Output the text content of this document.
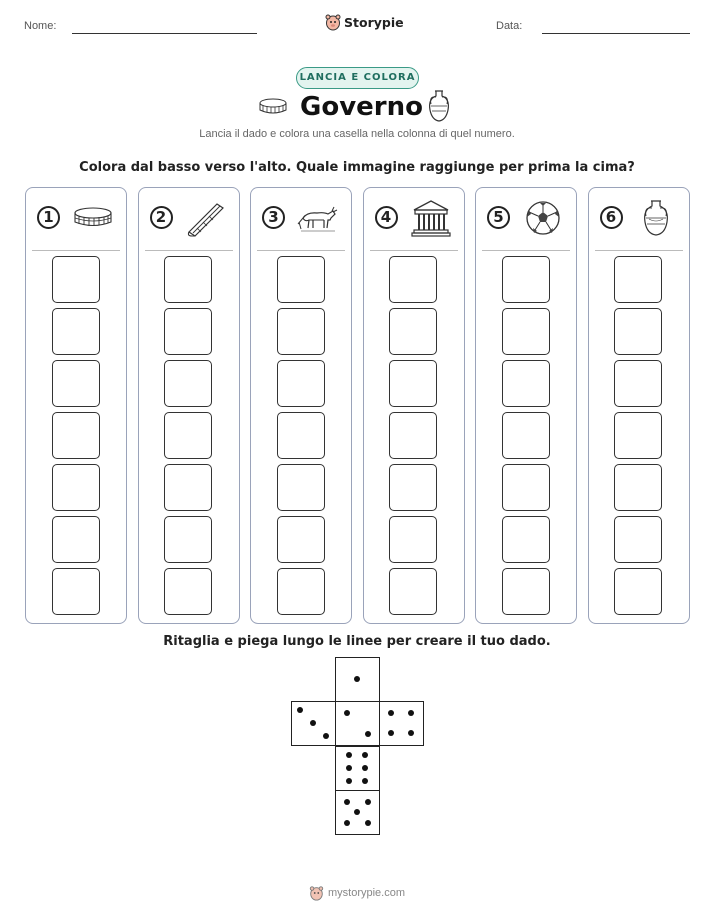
Nome:	Storypie	Data:
LANCIA E COLORA
Governo
Lancia il dado e colora una casella nella colonna di quel numero.
Colora dal basso verso l'alto. Quale immagine raggiunge per prima la cima?
1	2	3	4	5	6
Ritaglia e piega lungo le linee per creare il tuo dado.
mystorypie.com
